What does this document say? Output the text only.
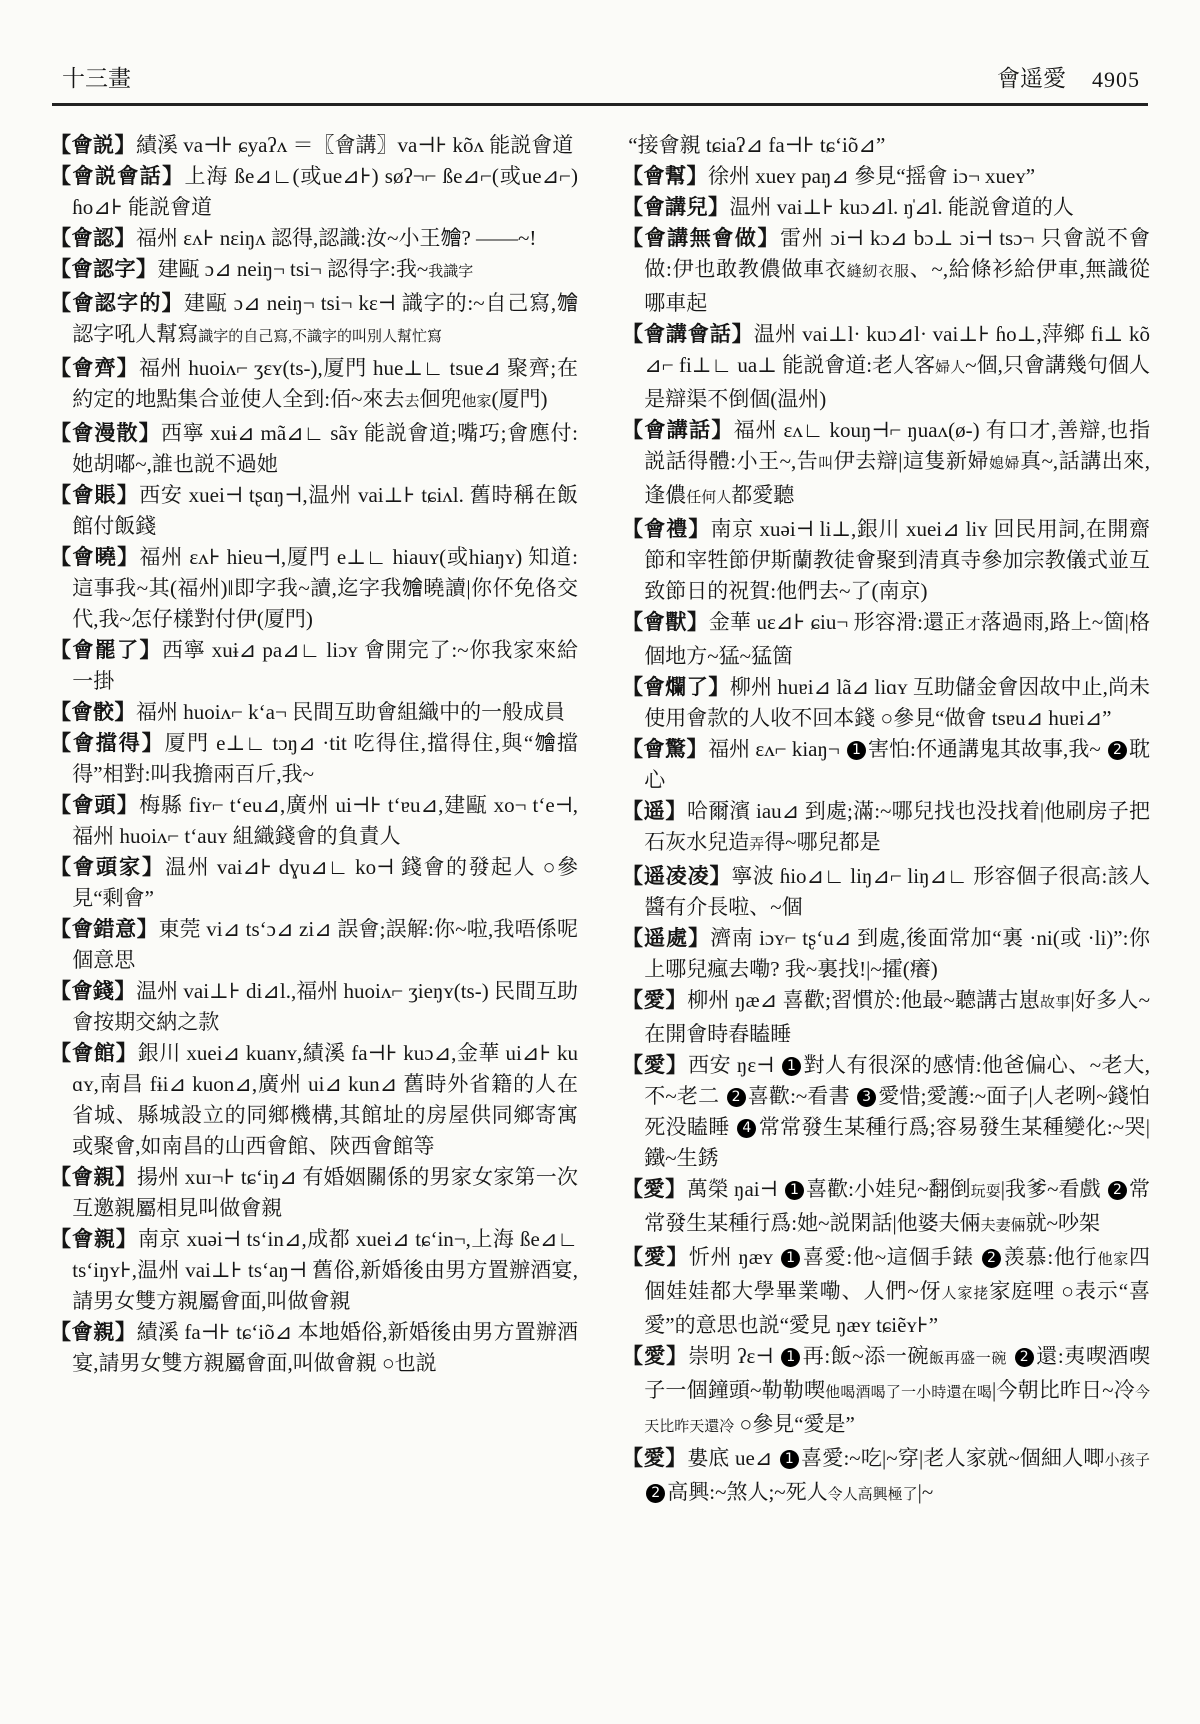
十三畫	會遥愛 4905

【會説】績溪 va⊣⊦ ɕyaʔʌ ＝〖會講〗va⊣⊦ kõʌ 能説會道

【會説會話】上海 ße⊿∟(或ue⊿⊦) søʔ¬⌐ ße⊿⌐(或ue⊿⌐) ɦo⊿⊦ 能説會道

【會認】福州 ɛʌ⊦ nɛiŋʌ 認得,認識:汝~小王𣍐? ——~!

【會認字】建甌 ɔ⊿ neiŋ¬ tsi¬ 認得字:我~我識字

【會認字的】建甌 ɔ⊿ neiŋ¬ tsi¬ kɛ⊣ 識字的:~自己寫,𣍐認字吼人幫寫識字的自己寫,不識字的叫別人幫忙寫

【會齊】福州 huoiʌ⌐ ʒɛʏ(ts-),厦門 hue⊥∟ tsue⊿ 聚齊;在約定的地點集合並使人全到:佰~來去去佪兜他家(厦門)

【會漫散】西寧 xuɨ⊿ mã⊿∟ sãʏ 能説會道;嘴巧;會應付:她胡嘟~,誰也説不過她

【會賬】西安 xuei⊣ tʂɑŋ⊣,温州 vai⊥⊦ tɕiʌl. 舊時稱在飯館付飯錢

【會曉】福州 ɛʌ⊦ hieu⊣,厦門 e⊥∟ hiauʏ(或hiaŋʏ) 知道:這事我~其(福州)‖即字我~讀,迄字我𣍐曉讀|你伓免佫交代,我~怎仔樣對付伊(厦門)

【會罷了】西寧 xuɨ⊿ pa⊿∟ liɔʏ 會開完了:~你我家來給一掛

【會骹】福州 huoiʌ⌐ kʻa¬ 民間互助會組織中的一般成員

【會擋得】厦門 e⊥∟ tɔŋ⊿ ·tit 吃得住,擋得住,與“𣍐擋得”相對:叫我擔兩百斤,我~

【會頭】梅縣 fiʏ⌐ tʻeu⊿,廣州 ui⊣⊦ tʻɐu⊿,建甌 xo¬ tʻe⊣,福州 huoiʌ⌐ tʻauʏ 組織錢會的負責人

【會頭家】温州 vai⊿⊦ dɣu⊿∟ ko⊣ 錢會的發起人 ○參見“剩會”

【會錯意】東莞 vi⊿ tsʻɔ⊿ zi⊿ 誤會;誤解:你~啦,我唔係呢個意思

【會錢】温州 vai⊥⊦ di⊿l.,福州 huoiʌ⌐ ʒieŋʏ(ts-) 民間互助會按期交納之款

【會館】銀川 xuei⊿ kuanʏ,績溪 fa⊣⊦ kuɔ⊿,金華 ui⊿⊦ kuɑʏ,南昌 fɨi⊿ kuon⊿,廣州 ui⊿ kun⊿ 舊時外省籍的人在省城、縣城設立的同鄉機構,其館址的房屋供同鄉寄寓或聚會,如南昌的山西會館、陝西會館等

【會親】揚州 xuɪ¬⊦ tɕʻiŋ⊿ 有婚姻關係的男家女家第一次互邀親屬相見叫做會親

【會親】南京 xuəi⊣ tsʻin⊿,成都 xuei⊿ tɕʻin¬,上海 ße⊿∟ tsʻiŋʏ⊦,温州 vai⊥⊦ tsʻaŋ⊣ 舊俗,新婚後由男方置辦酒宴,請男女雙方親屬會面,叫做會親

【會親】績溪 fa⊣⊦ tɕʻiõ⊿ 本地婚俗,新婚後由男方置辦酒宴,請男女雙方親屬會面,叫做會親 ○也説

“接會親 tɕiaʔ⊿ fa⊣⊦ tɕʻiõ⊿”

【會幫】徐州 xueʏ paŋ⊿ 參見“摇會 iɔ¬ xueʏ”

【會講兒】温州 vai⊥⊦ kuɔ⊿l. ŋ̍⊿l. 能説會道的人

【會講無會做】雷州 ɔi⊣ kɔ⊿ bɔ⊥ ɔi⊣ tsɔ¬ 只會説不會做:伊也敢教儂做車衣縫紉衣服、~,給條衫給伊車,無識從哪車起

【會講會話】温州 vai⊥l· kuɔ⊿l· vai⊥⊦ ɦo⊥,萍鄉 fi⊥ kõ⊿⌐ fi⊥∟ ua⊥ 能説會道:老人客婦人~個,只會講幾句個人是辯渠不倒個(温州)

【會講話】福州 ɛʌ∟ kouŋ⊣⌐ ŋuaʌ(ø-) 有口才,善辯,也指説話得體:小王~,告叫伊去辯|這隻新婦媳婦真~,話講出來,逢儂任何人都愛聽

【會禮】南京 xuəi⊣ li⊥,銀川 xuei⊿ liʏ 回民用詞,在開齋節和宰牲節伊斯蘭教徒會聚到清真寺參加宗教儀式並互致節日的祝賀:他們去~了(南京)

【會獸】金華 uɛ⊿⊦ ɕiu¬ 形容滑:還正才落過雨,路上~箇|格個地方~猛~猛箇

【會爛了】柳州 huɐi⊿ lã⊿ liɑʏ 互助儲金會因故中止,尚未使用會款的人收不回本錢 ○參見“做會 tsɐu⊿ huɐi⊿”

【會驚】福州 ɛʌ⌐ kiaŋ¬ 1 害怕:伓通講鬼其故事,我~ 2 耽心

【遥】哈爾濱 iau⊿ 到處;滿:~哪兒找也没找着|他刷房子把石灰水兒造弄得~哪兒都是

【遥凌凌】寧波 ɦio⊿∟ liŋ⊿⌐ liŋ⊿∟ 形容個子很高:該人醬有介長啦、~個

【遥處】濟南 iɔʏ⌐ tʂʻu⊿ 到處,後面常加“裏 ·ni(或 ·li)”:你上哪兒瘋去嘞? 我~裏找!|~攉(癢)

【愛】柳州 ŋæ⊿ 喜歡;習慣於:他最~聽講古崽故事|好多人~在開會時舂瞌睡

【愛】西安 ŋɛ⊣ 1 對人有很深的感情:他爸偏心、~老大,不~老二 2 喜歡:~看書 3 愛惜;愛護:~面子|人老咧~錢怕死没瞌睡 4 常常發生某種行爲;容易發生某種變化:~哭|鐵~生銹

【愛】萬榮 ŋai⊣ 1 喜歡:小娃兒~翻倒玩耍|我爹~看戲 2 常常發生某種行爲:她~説閑話|他婆夫倆夫妻倆就~吵架

【愛】忻州 ŋæʏ 1 喜愛:他~這個手錶 2 羡慕:他行他家四個娃娃都大學畢業嘞、人們~伢人家㧯家庭哩 ○表示“喜愛”的意思也説“愛見 ŋæʏ tɕiẽʏ⊦”

【愛】崇明 ʔɛ⊣ 1 再:飯~添一碗飯再盛一碗 2 還:夷喫酒喫子一個鐘頭~勒勒喫他喝酒喝了一小時還在喝|今朝比昨日~冷今天比昨天還冷 ○參見“愛是”

【愛】婁底 ue⊿ 1 喜愛:~吃|~穿|老人家就~個細人唧小孩子 2 高興:~煞人;~死人令人高興極了|~
